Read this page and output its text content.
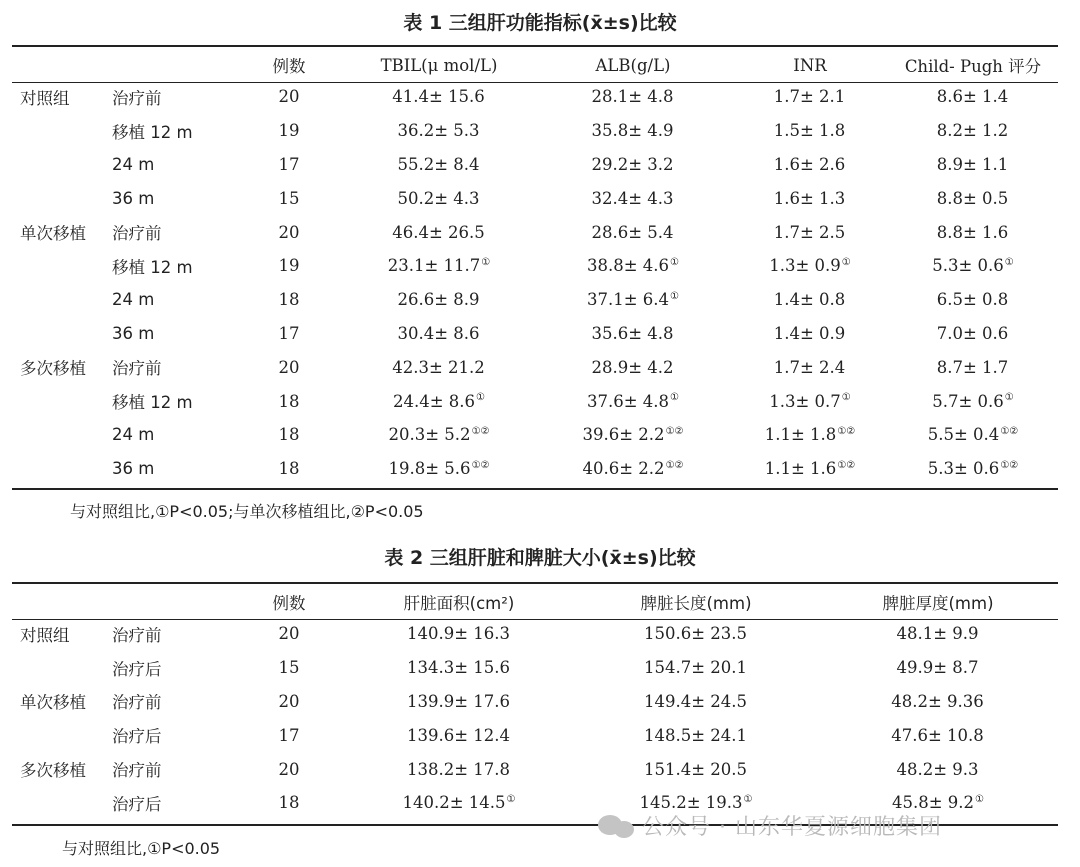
表 1 三组肝功能指标(x̄±s)比较
		例数	TBIL(μ mol/L)	ALB(g/L)	INR	Child- Pugh 评分
对照组	治疗前	20	41.4± 15.6	28.1± 4.8	1.7± 2.1	8.6± 1.4
	移植 12 m	19	36.2± 5.3	35.8± 4.9	1.5± 1.8	8.2± 1.2
	24 m	17	55.2± 8.4	29.2± 3.2	1.6± 2.6	8.9± 1.1
	36 m	15	50.2± 4.3	32.4± 4.3	1.6± 1.3	8.8± 0.5
单次移植	治疗前	20	46.4± 26.5	28.6± 5.4	1.7± 2.5	8.8± 1.6
	移植 12 m	19	23.1± 11.7①	38.8± 4.6①	1.3± 0.9①	5.3± 0.6①
	24 m	18	26.6± 8.9	37.1± 6.4①	1.4± 0.8	6.5± 0.8
	36 m	17	30.4± 8.6	35.6± 4.8	1.4± 0.9	7.0± 0.6
多次移植	治疗前	20	42.3± 21.2	28.9± 4.2	1.7± 2.4	8.7± 1.7
	移植 12 m	18	24.4± 8.6①	37.6± 4.8①	1.3± 0.7①	5.7± 0.6①
	24 m	18	20.3± 5.2①②	39.6± 2.2①②	1.1± 1.8①②	5.5± 0.4①②
	36 m	18	19.8± 5.6①②	40.6± 2.2①②	1.1± 1.6①②	5.3± 0.6①②
与对照组比,①P<0.05;与单次移植组比,②P<0.05
表 2 三组肝脏和脾脏大小(x̄±s)比较
		例数	肝脏面积(cm²)	脾脏长度(mm)	脾脏厚度(mm)
对照组	治疗前	20	140.9± 16.3	150.6± 23.5	48.1± 9.9
	治疗后	15	134.3± 15.6	154.7± 20.1	49.9± 8.7
单次移植	治疗前	20	139.9± 17.6	149.4± 24.5	48.2± 9.36
	治疗后	17	139.6± 12.4	148.5± 24.1	47.6± 10.8
多次移植	治疗前	20	138.2± 17.8	151.4± 20.5	48.2± 9.3
	治疗后	18	140.2± 14.5①	145.2± 19.3①	45.8± 9.2①
与对照组比,①P<0.05
公众号 · 山东华夏源细胞集团
